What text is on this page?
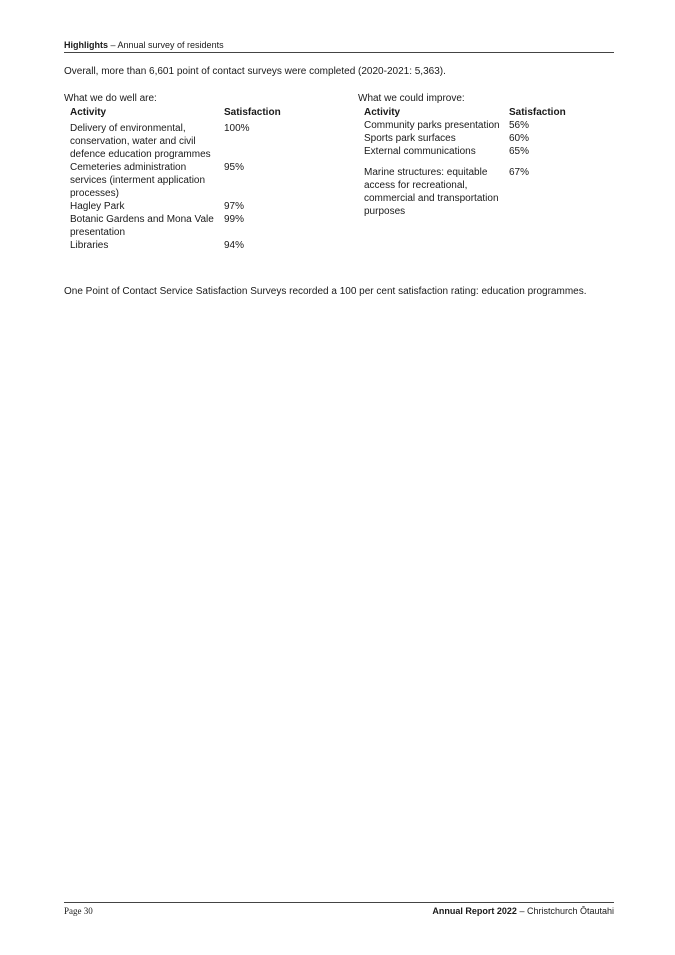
Highlights – Annual survey of residents
Overall, more than 6,601 point of contact surveys were completed (2020-2021: 5,363).
What we do well are:
Activity	Satisfaction
Delivery of environmental, conservation, water and civil defence education programmes	100%
Cemeteries administration services (interment application processes)	95%
Hagley Park	97%
Botanic Gardens and Mona Vale presentation	99%
Libraries	94%
What we could improve:
Activity	Satisfaction
Community parks presentation	56%
Sports park surfaces	60%
External communications	65%
Marine structures: equitable access for recreational, commercial and transportation purposes	67%
One Point of Contact Service Satisfaction Surveys recorded a 100 per cent satisfaction rating: education programmes.
Page 30	Annual Report 2022 – Christchurch Ōtautahi
